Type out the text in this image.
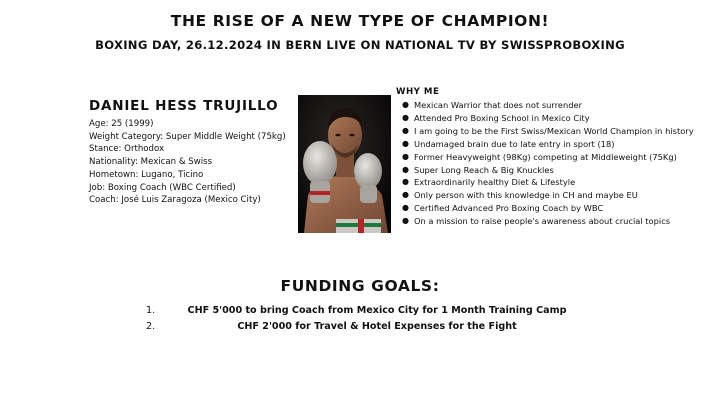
THE RISE OF A NEW TYPE OF CHAMPION!
BOXING DAY, 26.12.2024 IN BERN LIVE ON NATIONAL TV BY SWISSPROBOXING
DANIEL HESS TRUJILLO
Age: 25 (1999)
Weight Category: Super Middle Weight (75kg)
Stance: Orthodox
Nationality: Mexican & Swiss
Hometown: Lugano, Ticino
Job: Boxing Coach (WBC Certified)
Coach: José Luis Zaragoza (Mexico City)
WHY ME
● Mexican Warrior that does not surrender
● Attended Pro Boxing School in Mexico City
● I am going to be the First Swiss/Mexican World Champion in history
● Undamaged brain due to late entry in sport (18)
● Former Heavyweight (98Kg) competing at Middleweight (75Kg)
● Super Long Reach & Big Knuckles
● Extraordinarily healthy Diet & Lifestyle
● Only person with this knowledge in CH and maybe EU
● Certified Advanced Pro Boxing Coach by WBC
● On a mission to raise people's awareness about crucial topics
FUNDING GOALS:
1.	CHF 5'000 to bring Coach from Mexico City for 1 Month Training Camp
2.	CHF 2'000 for Travel & Hotel Expenses for the Fight
